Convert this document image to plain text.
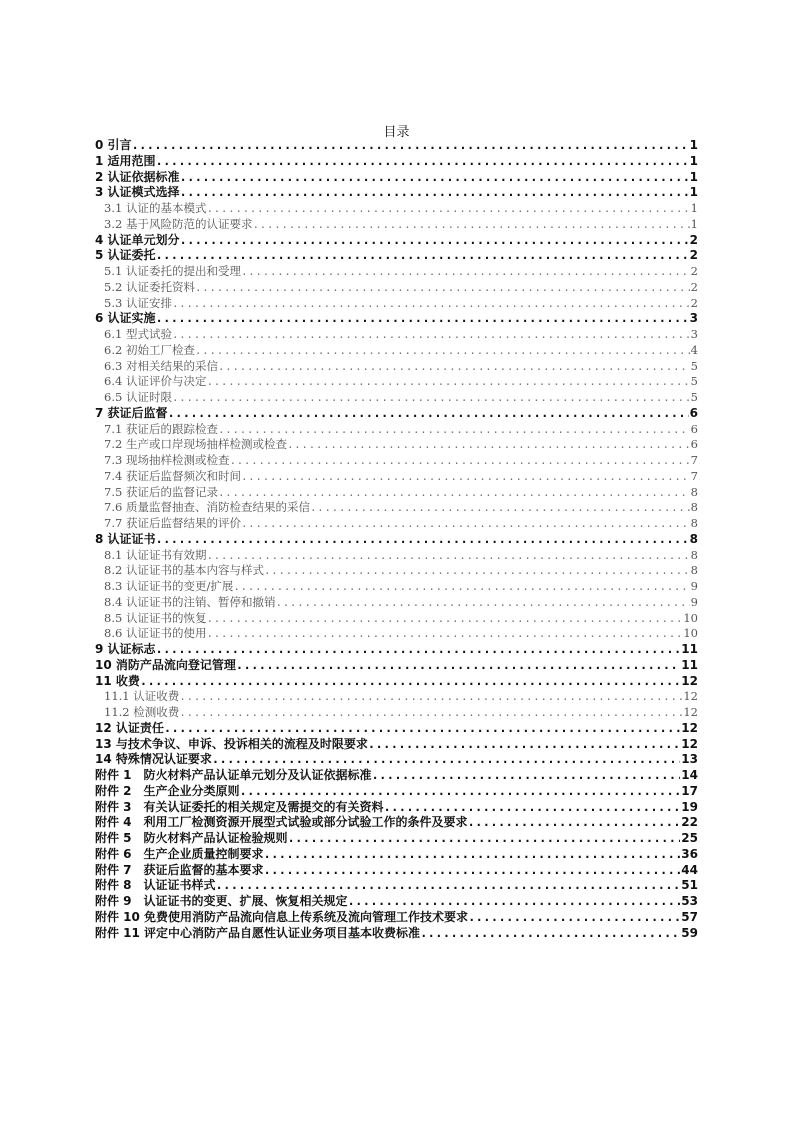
目录
0 引言 .....	1
1 适用范围 .....	1
2 认证依据标准 .....	1
3 认证模式选择 .....	1
3.1 认证的基本模式 .....	1
3.2 基于风险防范的认证要求 .....	1
4 认证单元划分 .....	2
5 认证委托 .....	2
5.1 认证委托的提出和受理 .....	2
5.2 认证委托资料 .....	2
5.3 认证安排 .....	2
6 认证实施 .....	3
6.1 型式试验 .....	3
6.2 初始工厂检查 .....	4
6.3 对相关结果的采信 .....	5
6.4 认证评价与决定 .....	5
6.5 认证时限 .....	5
7 获证后监督 .....	6
7.1 获证后的跟踪检查 .....	6
7.2 生产或口岸现场抽样检测或检查 .....	6
7.3 现场抽样检测或检查 .....	7
7.4 获证后监督频次和时间 .....	7
7.5 获证后的监督记录 .....	8
7.6 质量监督抽查、消防检查结果的采信 .....	8
7.7 获证后监督结果的评价 .....	8
8 认证证书 .....	8
8.1 认证证书有效期 .....	8
8.2 认证证书的基本内容与样式 .....	8
8.3 认证证书的变更/扩展 .....	9
8.4 认证证书的注销、暂停和撤销 .....	9
8.5 认证证书的恢复 .....	10
8.6 认证证书的使用 .....	10
9 认证标志 .....	11
10 消防产品流向登记管理 .....	11
11 收费 .....	12
11.1 认证收费 .....	12
11.2 检测收费 .....	12
12 认证责任 .....	12
13 与技术争议、申诉、投诉相关的流程及时限要求 .....	12
14 特殊情况认证要求 .....	13
附件 1　防火材料产品认证单元划分及认证依据标准 .....	14
附件 2　生产企业分类原则 .....	17
附件 3　有关认证委托的相关规定及需提交的有关资料 .....	19
附件 4　利用工厂检测资源开展型式试验或部分试验工作的条件及要求 .....	22
附件 5　防火材料产品认证检验规则 .....	25
附件 6　生产企业质量控制要求 .....	36
附件 7　获证后监督的基本要求 .....	44
附件 8　认证证书样式 .....	51
附件 9　认证证书的变更、扩展、恢复相关规定 .....	53
附件 10 免费使用消防产品流向信息上传系统及流向管理工作技术要求 .....	57
附件 11 评定中心消防产品自愿性认证业务项目基本收费标准 .....	59
